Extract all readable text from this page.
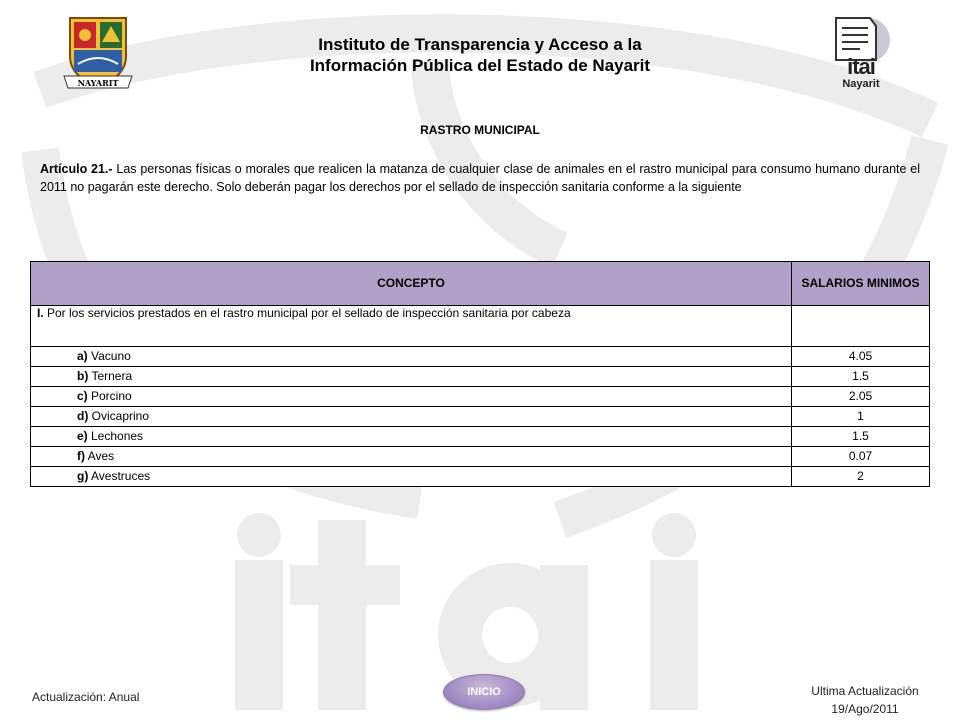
NAYARIT
itai
Nayarit
Instituto de Transparencia y Acceso a la
Información Pública del Estado de Nayarit
RASTRO MUNICIPAL
Artículo 21.- Las personas físicas o morales que realicen la matanza de cualquier clase de animales en el rastro municipal para consumo humano durante el 2011 no pagarán este derecho. Solo deberán pagar los derechos por el sellado de inspección sanitaria conforme a la siguiente
CONCEPTO	SALARIOS MINIMOS
I. Por los servicios prestados en el rastro municipal por el sellado de inspección sanitaria por cabeza	
a) Vacuno	4.05
b) Ternera	1.5
c) Porcino	2.05
d) Ovicaprino	1
e) Lechones	1.5
f) Aves	0.07
g) Avestruces	2
Actualización: Anual	INICIO	Ultima Actualización
19/Ago/2011
